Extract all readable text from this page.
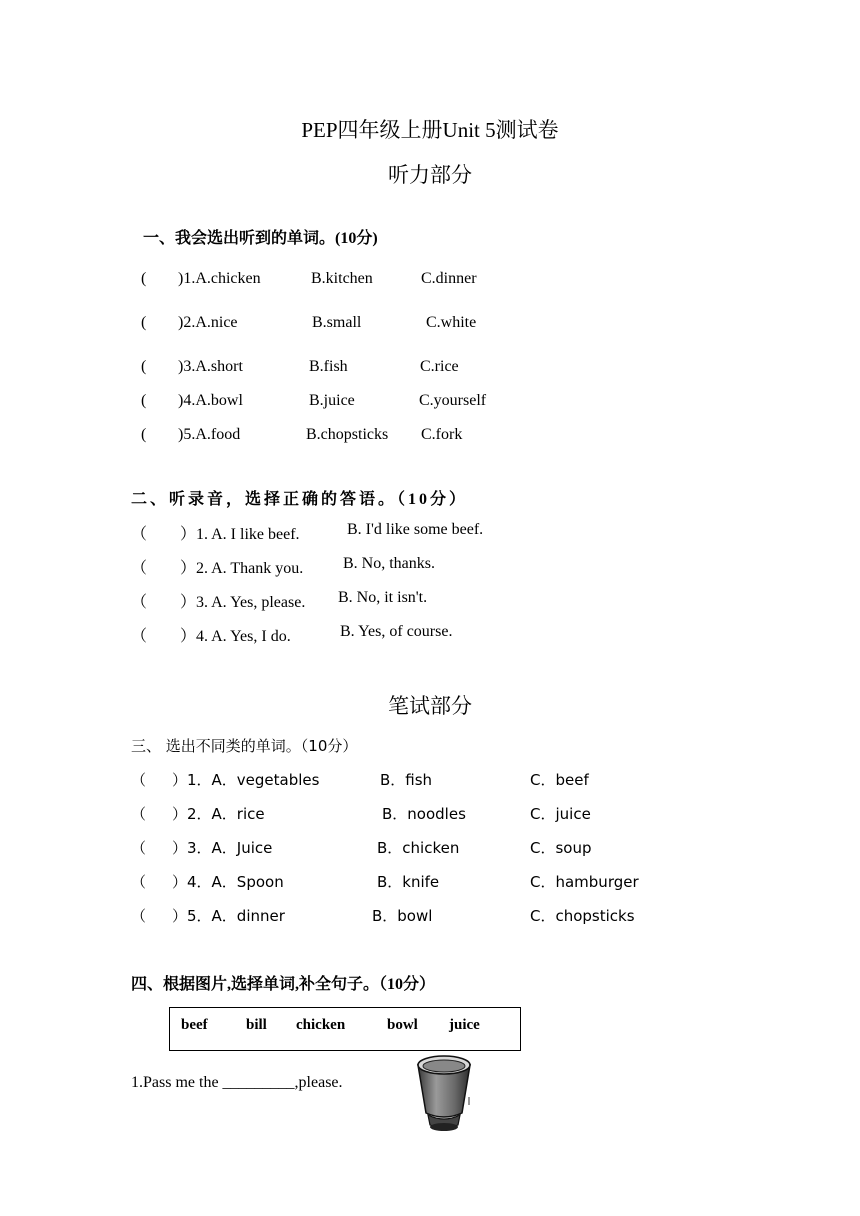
PEP四年级上册Unit 5测试卷
听力部分
一、我会选出听到的单词。(10分)
( )1.A.chicken	B.kitchen	C.dinner
( )2.A.nice	B.small	C.white
( )3.A.short	B.fish	C.rice
( )4.A.bowl	B.juice	C.yourself
( )5.A.food	B.chopsticks C.fork
二、听录音，选择正确的答语。（10分）
（ ）1. A. I like beef.	B. I'd like some beef.
（ ）2. A. Thank you. B. No, thanks.
（ ）3. A. Yes, please. B. No, it isn't.
（ ）4. A. Yes, I do.	B. Yes, of course.
笔试部分
三、 选出不同类的单词。（10分）
（ ）1．A．vegetables	B．fish	C．beef
（ ）2．A．rice	B．noodles	C．juice
（ ）3．A．Juice	B．chicken	C．soup
（ ）4．A．Spoon	B．knife	C．hamburger
（ ）5．A．dinner	B．bowl	C．chopsticks
四、根据图片,选择单词,补全句子。（10分）
beef	bill chicken	bowl juice
1.Pass me the _________,please.
